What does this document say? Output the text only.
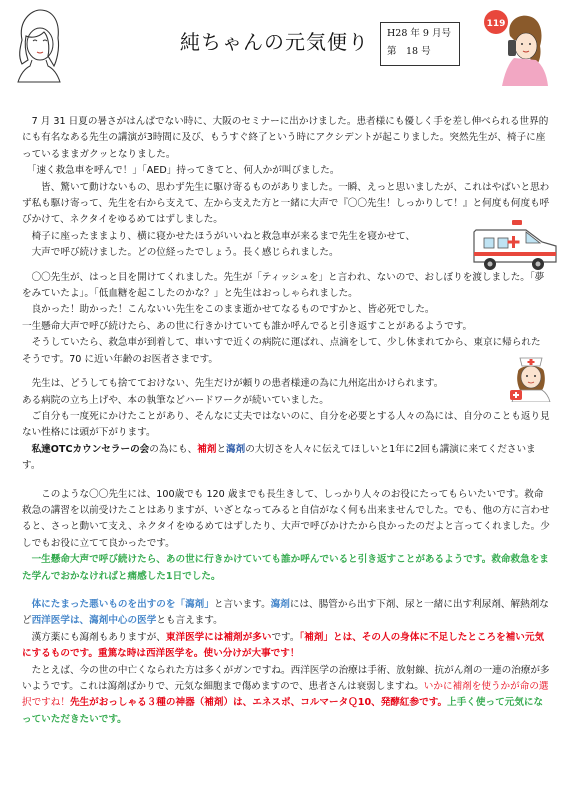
純ちゃんの元気便り H28 年 9 月号
第　18 号
119

　7 月 31 日夏の暑さがはんぱでない時に、大阪のセミナーに出かけました。患者様にも優しく手を差し伸べられる世界的にも有名なある先生の講演が3時間に及び、もうすぐ終了という時にアクシデントが起こりました。突然先生が、椅子に座っているままガクッとなりました。

　「速く救急車を呼んで！」「AED」持ってきてと、何人かが叫びました。

　　皆、驚いて動けないもの、思わず先生に駆け寄るものがありました。一瞬、えっと思いましたが、これはやばいと思わず私も駆け寄って、先生を右から支えて、左から支えた方と一緒に大声で『〇〇先生！しっかりして！』と何度も何度も呼びかけて、ネクタイをゆるめてはずしました。

　椅子に座ったままより、横に寝かせたほうがいいねと救急車が来るまで先生を寝かせて、

　大声で呼び続けました。どの位経ったでしょう。長く感じられました。

　〇〇先生が、はっと目を開けてくれました。先生が「ティッシュを」と言われ、ないので、おしぼりを渡しました。「夢をみていたよ」。「低血糖を起こしたのかな？」と先生はおっしゃられました。

　良かった！助かった！こんないい先生をこのまま逝かせてなるものですかと、皆必死でした。

一生懸命大声で呼び続けたら、あの世に行きかけていても誰か呼んでると引き返すことがあるようです。

　そうしていたら、救急車が到着して、車いすで近くの病院に運ばれ、点滴をして、少し休まれてから、東京に帰られたそうです。70 に近い年齢のお医者さまです。

　先生は、どうしても捨てておけない、先生だけが頼りの患者様達の為に九州迄出かけられます。

ある病院の立ち上げや、本の執筆などハードワークが続いていました。

　ご自分も一度死にかけたことがあり、そんなに丈夫ではないのに、自分を必要とする人々の為には、自分のことも返り見ない性格には頭が下がります。

　私達OTCカウンセラーの会の為にも、補剤と瀉剤の大切さを人々に伝えてほしいと1年に2回も講演に来てくださいます。

　　このような〇〇先生には、100歳でも 120 歳までも長生きして、しっかり人々のお役にたってもらいたいです。救命救急の講習を以前受けたことはありますが、いざとなってみると自信がなく何も出来ませんでした。でも、他の方に言わせると、さっと動いて支え、ネクタイをゆるめてはずしたり、大声で呼びかけたから良かったのだよと言ってくれました。少しでもお役に立てて良かったです。

　一生懸命大声で呼び続けたら、あの世に行きかけていても誰か呼んでいると引き返すことがあるようです。救命救急をまた学んでおかなければと痛感した1日でした。

　体にたまった悪いものを出すのを「瀉剤」と言います。瀉剤には、腸管から出す下剤、尿と一緒に出す利尿剤、解熱剤など西洋医学は、瀉剤中心の医学とも言えます。

　漢方薬にも瀉剤もありますが、東洋医学には補剤が多いです。「補剤」とは、その人の身体に不足したところを補い元気にするものです。重篤な時は西洋医学を。使い分けが大事です！

　たとえば、今の世の中亡くなられた方は多くがガンですね。西洋医学の治療は手術、放射線、抗がん剤の一連の治療が多いようです。これは瀉剤ばかりで、元気な細胞まで傷めますので、患者さんは衰弱しますね。いかに補剤を使うかが命の選択ですね！先生がおっしゃる３種の神器（補剤）は、エネスポ、コルマータＱ10、発酵紅参です。上手く使って元気になっていただきたいです。
